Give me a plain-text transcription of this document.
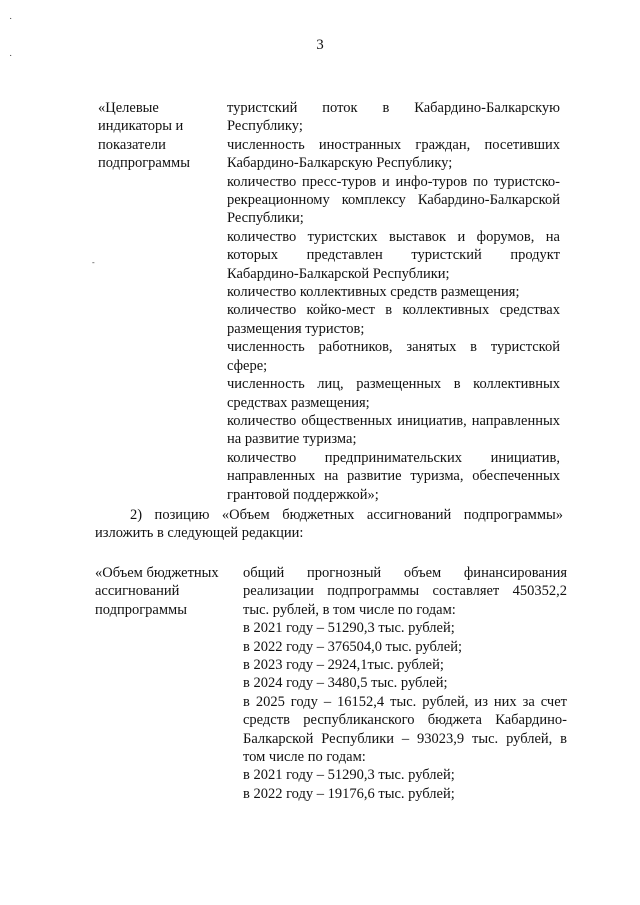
3
˙
˙
-
«Целевые индикаторы и показатели подпрограммы

туристский поток в Кабардино-Балкарскую Республику;

численность иностранных граждан, посетивших Кабардино-Балкарскую Республику;

количество пресс-туров и инфо-туров по туристско-рекреационному комплексу Кабардино-Балкарской Республики;

количество туристских выставок и форумов, на которых представлен туристский продукт Кабардино-Балкарской Республики;

количество коллективных средств размещения;

количество койко-мест в коллективных средствах размещения туристов;

численность работников, занятых в туристской сфере;

численность лиц, размещенных в коллективных средствах размещения;

количество общественных инициатив, направленных на развитие туризма;

количество предпринимательских инициатив, направленных на развитие туризма, обеспеченных грантовой поддержкой»;

2) позицию «Объем бюджетных ассигнований подпрограммы» изложить в следующей редакции:
«Объем бюджетных ассигнований подпрограммы

общий прогнозный объем финансирования реализации подпрограммы составляет 450352,2 тыс. рублей, в том числе по годам:

в 2021 году – 51290,3 тыс. рублей;

в 2022 году – 376504,0 тыс. рублей;

в 2023 году – 2924,1тыс. рублей;

в 2024 году – 3480,5 тыс. рублей;

в 2025 году – 16152,4 тыс. рублей, из них за счет средств республиканского бюджета Кабардино-Балкарской Республики – 93023,9 тыс. рублей, в том числе по годам:

в 2021 году – 51290,3 тыс. рублей;

в 2022 году – 19176,6 тыс. рублей;
